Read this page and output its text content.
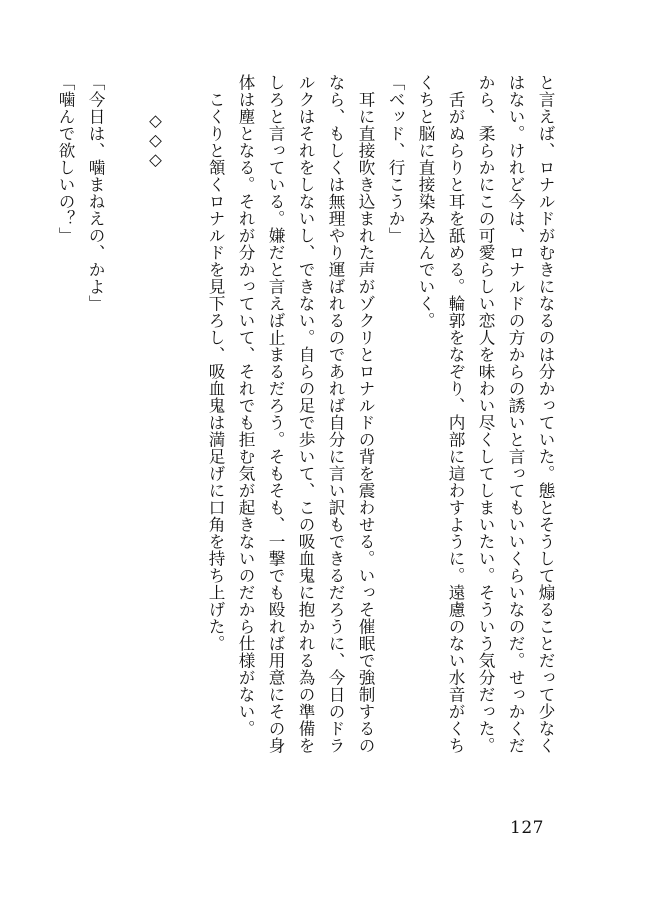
と言えば、ロナルドがむきになるのは分かっていた。態とそうして煽ることだって少なく
はない。けれど今は、ロナルドの方からの誘いと言ってもいいくらいなのだ。せっかくだ
から、柔らかにこの可愛らしい恋人を味わい尽くしてしまいたい。そういう気分だった。
舌がぬらりと耳を舐める。輪郭をなぞり、内部に這わすように。遠慮のない水音がくち
くちと脳に直接染み込んでいく。
「ベッド、行こうか」
耳に直接吹き込まれた声がゾクリとロナルドの背を震わせる。いっそ催眠で強制するの
なら、もしくは無理やり運ばれるのであれば自分に言い訳もできるだろうに、今日のドラ
ルクはそれをしないし、できない。自らの足で歩いて、この吸血鬼に抱かれる為の準備を
しろと言っている。嫌だと言えば止まるだろう。そもそも、一撃でも殴れば用意にその身
体は塵となる。それが分かっていて、それでも拒む気が起きないのだから仕様がない。
こくりと頷くロナルドを見下ろし、吸血鬼は満足げに口角を持ち上げた。
◇◇◇
「今日は、噛まねえの、かよ」
「噛んで欲しいの？」
127
